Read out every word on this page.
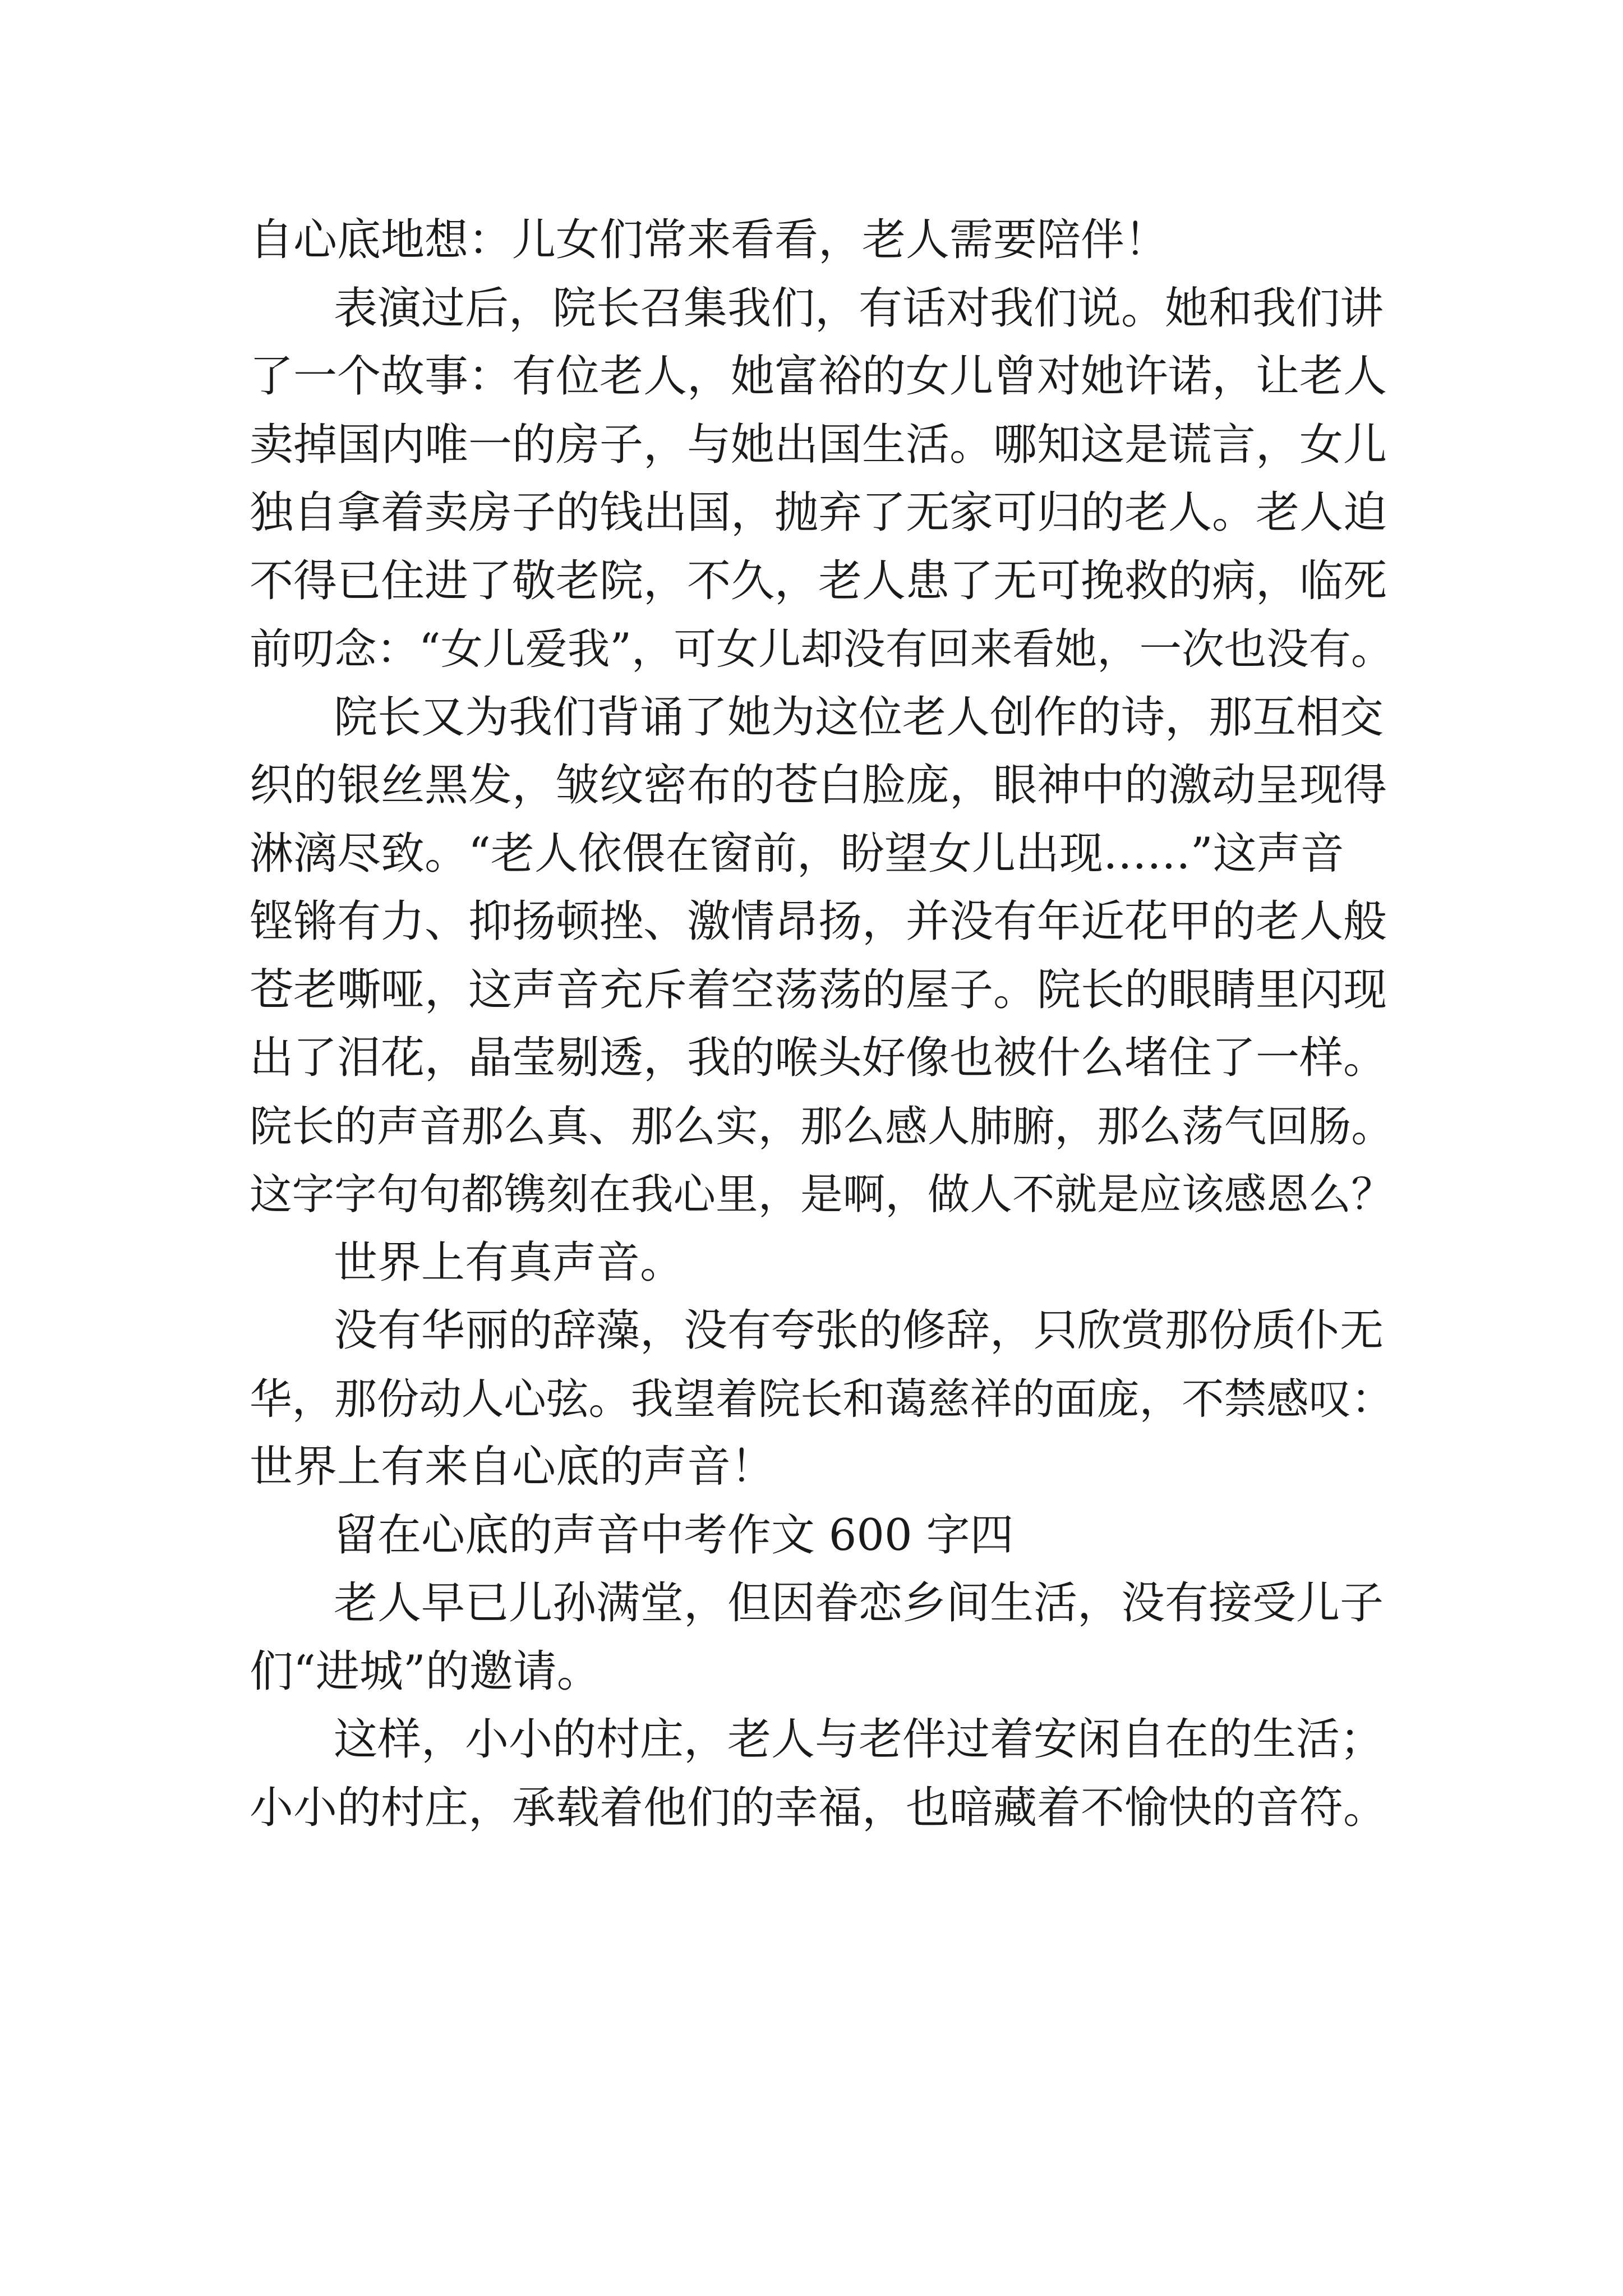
自心底地想：儿女们常来看看，老人需要陪伴！
表演过后，院长召集我们，有话对我们说。她和我们讲
了一个故事：有位老人，她富裕的女儿曾对她许诺，让老人
卖掉国内唯一的房子，与她出国生活。哪知这是谎言，女儿
独自拿着卖房子的钱出国，抛弃了无家可归的老人。老人迫
不得已住进了敬老院，不久，老人患了无可挽救的病，临死
前叨念：“女儿爱我”，可女儿却没有回来看她，一次也没有。
院长又为我们背诵了她为这位老人创作的诗，那互相交
织的银丝黑发，皱纹密布的苍白脸庞，眼神中的激动呈现得
淋漓尽致。“老人依偎在窗前，盼望女儿出现……”这声音
铿锵有力、抑扬顿挫、激情昂扬，并没有年近花甲的老人般
苍老嘶哑，这声音充斥着空荡荡的屋子。院长的眼睛里闪现
出了泪花，晶莹剔透，我的喉头好像也被什么堵住了一样。
院长的声音那么真、那么实，那么感人肺腑，那么荡气回肠。
这字字句句都镌刻在我心里，是啊，做人不就是应该感恩么？
世界上有真声音。
没有华丽的辞藻，没有夸张的修辞，只欣赏那份质仆无
华，那份动人心弦。我望着院长和蔼慈祥的面庞，不禁感叹：
世界上有来自心底的声音！
留在心底的声音中考作文 600 字四
老人早已儿孙满堂，但因眷恋乡间生活，没有接受儿子
们“进城”的邀请。
这样，小小的村庄，老人与老伴过着安闲自在的生活；
小小的村庄，承载着他们的幸福，也暗藏着不愉快的音符。
